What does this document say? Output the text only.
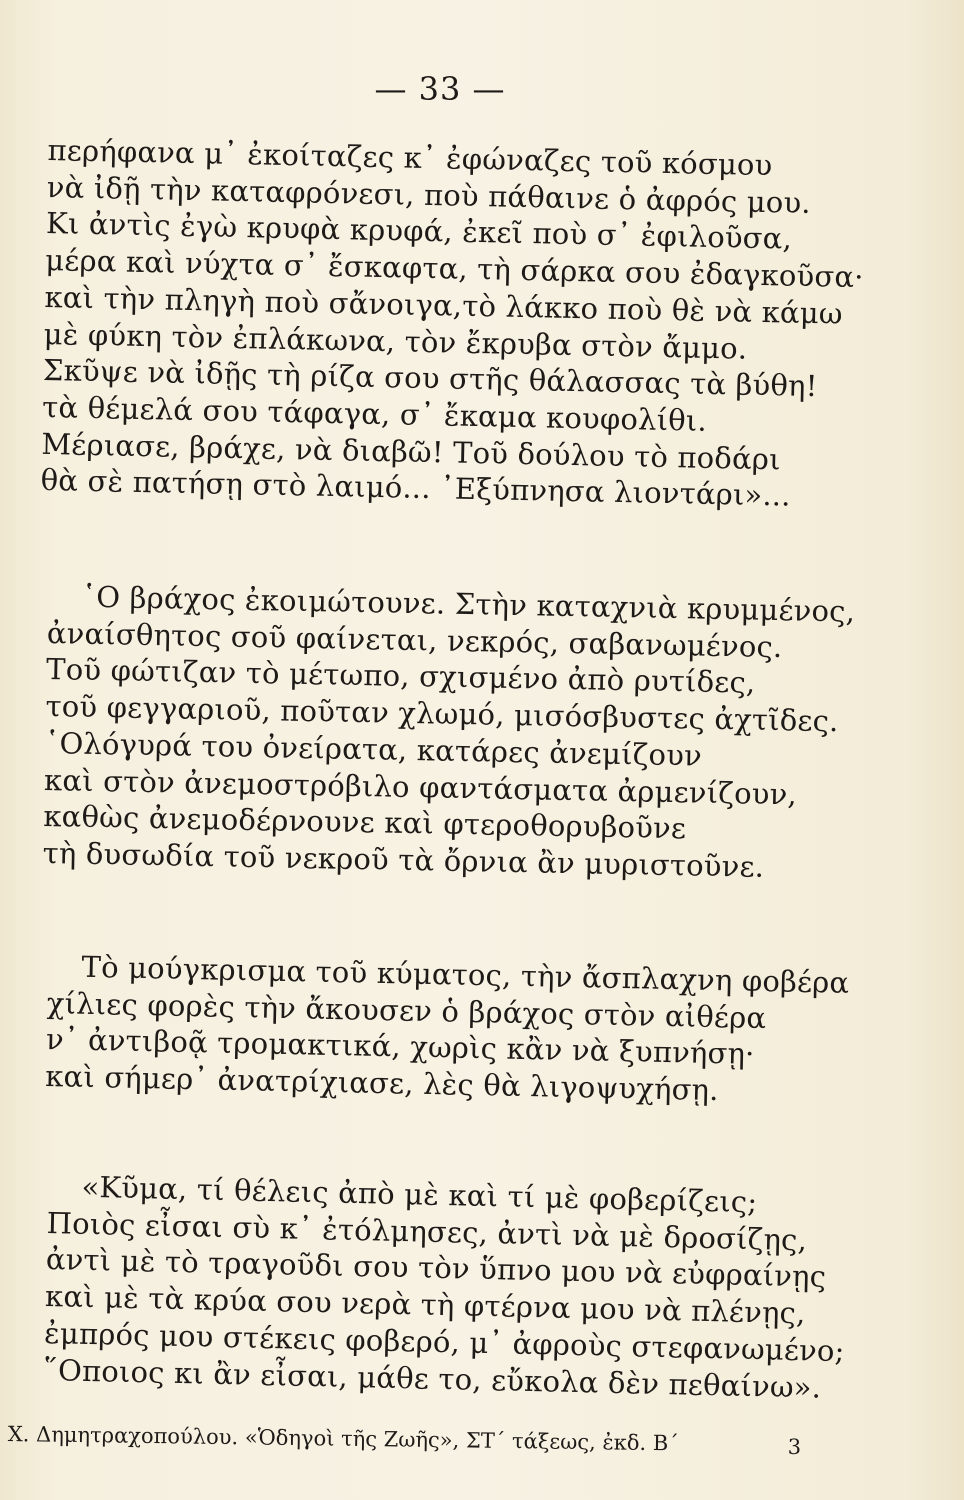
— 33 —
περήφανα μ᾽ ἐκοίταζες κ᾽ ἐφώναζες τοῦ κόσμου
νὰ ἰδῇ τὴν καταφρόνεσι, ποὺ πάθαινε ὁ ἀφρός μου.
Κι ἀντὶς ἐγὼ κρυφὰ κρυφά, ἐκεῖ ποὺ σ᾽ ἐφιλοῦσα,
μέρα καὶ νύχτα σ᾽ ἔσκαφτα, τὴ σάρκα σου ἐδαγκοῦσα·
καὶ τὴν πληγὴ ποὺ σἄνοιγα,τὸ λάκκο ποὺ θὲ νὰ κάμω
μὲ φύκη τὸν ἐπλάκωνα, τὸν ἔκρυβα στὸν ἄμμο.
Σκῦψε νὰ ἰδῇς τὴ ρίζα σου στῆς θάλασσας τὰ βύθη!
τὰ θέμελά σου τάφαγα, σ᾽ ἔκαμα κουφολίθι.
Μέριασε, βράχε, νὰ διαβῶ! Τοῦ δούλου τὸ ποδάρι
θὰ σὲ πατήσῃ στὸ λαιμό... ᾿Εξύπνησα λιοντάρι»...
῾Ο βράχος ἐκοιμώτουνε. Στὴν καταχνιὰ κρυμμένος,
ἀναίσθητος σοῦ φαίνεται, νεκρός, σαβανωμένος.
Τοῦ φώτιζαν τὸ μέτωπο, σχισμένο ἀπὸ ρυτίδες,
τοῦ φεγγαριοῦ, ποῦταν χλωμό, μισόσβυστες ἀχτῖδες.
῾Ολόγυρά του ὀνείρατα, κατάρες ἀνεμίζουν
καὶ στὸν ἀνεμοστρόβιλο φαντάσματα ἀρμενίζουν,
καθὼς ἀνεμοδέρνουνε καὶ φτεροθορυβοῦνε
τὴ δυσωδία τοῦ νεκροῦ τὰ ὄρνια ἂν μυριστοῦνε.
Τὸ μούγκρισμα τοῦ κύματος, τὴν ἄσπλαχνη φοβέρα
χίλιες φορὲς τὴν ἄκουσεν ὁ βράχος στὸν αἰθέρα
ν᾽ ἀντιβοᾷ τρομακτικά, χωρὶς κἂν νὰ ξυπνήσῃ·
καὶ σήμερ᾽ ἀνατρίχιασε, λὲς θὰ λιγοψυχήσῃ.
«Κῦμα, τί θέλεις ἀπὸ μὲ καὶ τί μὲ φοβερίζεις;
Ποιὸς εἶσαι σὺ κ᾽ ἐτόλμησες, ἀντὶ νὰ μὲ δροσίζῃς,
ἀντὶ μὲ τὸ τραγοῦδι σου τὸν ὕπνο μου νὰ εὐφραίνῃς
καὶ μὲ τὰ κρύα σου νερὰ τὴ φτέρνα μου νὰ πλένῃς,
ἐμπρός μου στέκεις φοβερό, μ᾽ ἀφροὺς στεφανωμένο;
῞Οποιος κι ἂν εἶσαι, μάθε το, εὔκολα δὲν πεθαίνω».
Χ. Δημητραχοπούλου. «Ὁδηγοὶ τῆς Ζωῆς», ΣΤ΄ τάξεως, ἐκδ. Β΄	3
